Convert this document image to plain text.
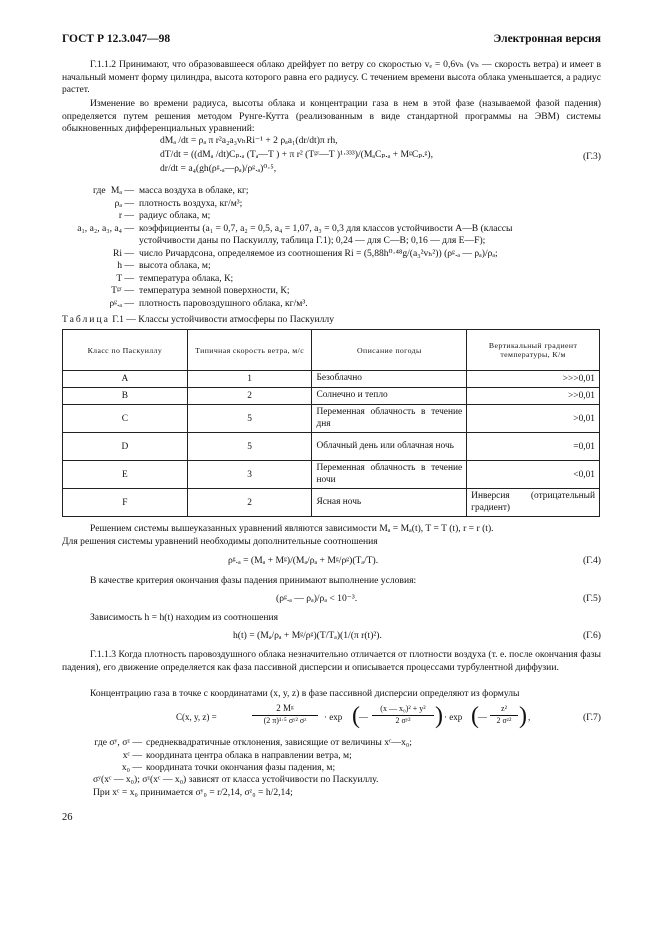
ГОСТ Р 12.3.047—98	Электронная версия
Г.1.1.2 Принимают, что образовавшееся облако дрейфует по ветру со скоростью vₑ = 0,6vₕ (vₕ — скорость ветра) и имеет в начальный момент форму цилиндра, высота которого равна его радиусу. С течением времени высота облака уменьшается, а радиус растет.
Изменение во времени радиуса, высоты облака и концентрации газа в нем в этой фазе (называемой фазой падения) определяется путем решения методом Рунге-Кутта (реализованным в виде стандартной программы на ЭВМ) системы обыкновенных дифференциальных уравнений:
dMₐ /dt = ρₐ π r²a₂a₃vₕRi⁻¹ + 2 ρₐa₁(dr/dt)π rh,
dT/dt = ((dMₐ /dt)Cₚ.ₐ (Tₐ—T ) + π r² (Tᵍʳ—T )¹·³³³)/(MₐCₚ.ₐ + MᵍCₚ.ᵍ),
dr/dt = a₄(gh(ρᵍ.ₐ—ρₐ)/ρᵍ.ₐ)⁰·⁵,
(Г.3)
где Mₐ — масса воздуха в облаке, кг;
ρₐ — плотность воздуха, кг/м³;
r — радиус облака, м;
a₁, a₂, a₃, a₄ — коэффициенты (a₁ = 0,7, a₂ = 0,5, a₄ = 1,07, a₃ = 0,3 для классов устойчивости А—В (классы
устойчивости даны по Паскуиллу, таблица Г.1); 0,24 — для С—В; 0,16 — для Е—F);
Ri — число Ричардсона, определяемое из соотношения Ri = (5,88h⁰·⁴⁸g/(a₃²vₕ²)) (ρᵍ.ₐ — ρₐ)/ρₐ;
h — высота облака, м;
T — температура облака, К;
Tᵍʳ — температура земной поверхности, К;
ρᵍ.ₐ — плотность паровоздушного облака, кг/м³.
Таблица Г.1 — Классы устойчивости атмосферы по Паскуиллу
Класс по Паскуиллу	Типичная скорость ветра, м/с	Описание погоды	Вертикальный градиент температуры, К/м
A	1	Безоблачно	>>>0,01
B	2	Солнечно и тепло	>>0,01
C	5	Переменная облачность в течение дня	>0,01
D	5	Облачный день или облачная ночь	=0,01
E	3	Переменная облачность в течение ночи	<0,01
F	2	Ясная ночь	Инверсия (отрицательный градиент)
Решением системы вышеуказанных уравнений являются зависимости Mₐ = Mₐ(t), T = T (t), r = r (t).
Для решения системы уравнений необходимы дополнительные соотношения
ρᵍ.ₐ = (Mₐ + Mᵍ)/(Mₐ/ρₐ + Mᵍ/ρᵍ)(Tₐ/T).	(Г.4)
В качестве критерия окончания фазы падения принимают выполнение условия:
(ρᵍ.ₐ — ρₐ)/ρₐ < 10⁻³.	(Г.5)
Зависимость h = h(t) находим из соотношения
h(t) = (Mₐ/ρₐ + Mᵍ/ρᵍ)(T/Tₐ)(1/(π r(t)²).	(Г.6)
Г.1.1.3 Когда плотность паровоздушного облака незначительно отличается от плотности воздуха (т. е. после окончания фазы падения), его движение определяется как фаза пассивной дисперсии и описывается процессами турбулентной диффузии.
Концентрацию газа в точке с координатами (x, y, z) в фазе пассивной дисперсии определяют из формулы
C(x, y, z) =
2 Mᵍ
(2 π)¹·⁵ σʸ² σᶻ	· exp ( —
(x — x₀)² + y²
2 σʸ²	) · exp ( —
z²
2 σᶻ² ) ,	(Г.7)
где σʸ, σᶻ — среднеквадратичные отклонения, зависящие от величины xᶜ—x₀;
xᶜ — координата центра облака в направлении ветра, м;
x₀ — координата точки окончания фазы падения, м;
σʸ(xᶜ — x₀); σᶻ(xᶜ — x₀) зависят от класса устойчивости по Паскуиллу.
При xᶜ = x₀ принимается σʸ₀ = r/2,14, σᶻ₀ = h/2,14;
26
